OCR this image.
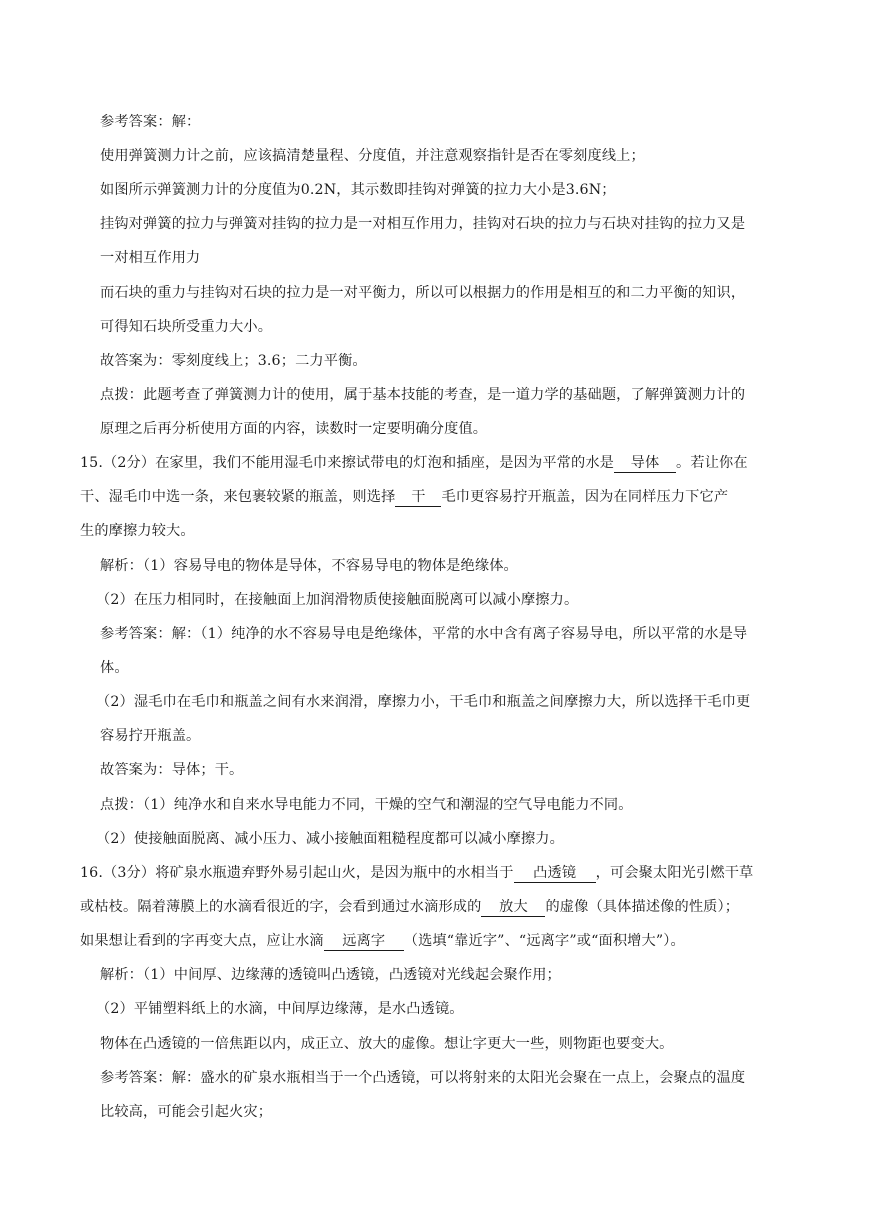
参考答案：解：
使用弹簧测力计之前，应该搞清楚量程、分度值，并注意观察指针是否在零刻度线上；
如图所示弹簧测力计的分度值为0.2N，其示数即挂钩对弹簧的拉力大小是3.6N；
挂钩对弹簧的拉力与弹簧对挂钩的拉力是一对相互作用力，挂钩对石块的拉力与石块对挂钩的拉力又是
一对相互作用力
而石块的重力与挂钩对石块的拉力是一对平衡力，所以可以根据力的作用是相互的和二力平衡的知识，
可得知石块所受重力大小。
故答案为：零刻度线上；3.6；二力平衡。
点拨：此题考查了弹簧测力计的使用，属于基本技能的考查，是一道力学的基础题，了解弹簧测力计的
原理之后再分析使用方面的内容，读数时一定要明确分度值。
15.（2分）在家里，我们不能用湿毛巾来擦试带电的灯泡和插座，是因为平常的水是 导体 。若让你在
干、湿毛巾中选一条，来包裹较紧的瓶盖，则选择 干 毛巾更容易拧开瓶盖，因为在同样压力下它产
生的摩擦力较大。
解析：（1）容易导电的物体是导体，不容易导电的物体是绝缘体。
（2）在压力相同时，在接触面上加润滑物质使接触面脱离可以减小摩擦力。
参考答案：解：（1）纯净的水不容易导电是绝缘体，平常的水中含有离子容易导电，所以平常的水是导
体。
（2）湿毛巾在毛巾和瓶盖之间有水来润滑，摩擦力小，干毛巾和瓶盖之间摩擦力大，所以选择干毛巾更
容易拧开瓶盖。
故答案为：导体；干。
点拨：（1）纯净水和自来水导电能力不同，干燥的空气和潮湿的空气导电能力不同。
（2）使接触面脱离、减小压力、减小接触面粗糙程度都可以减小摩擦力。
16.（3分）将矿泉水瓶遗弃野外易引起山火，是因为瓶中的水相当于 凸透镜 ，可会聚太阳光引燃干草
或枯枝。隔着薄膜上的水滴看很近的字，会看到通过水滴形成的 放大 的虚像（具体描述像的性质）；
如果想让看到的字再变大点，应让水滴 远离字 （选填“靠近字”、“远离字”或“面积增大”）。
解析：（1）中间厚、边缘薄的透镜叫凸透镜，凸透镜对光线起会聚作用；
（2）平铺塑料纸上的水滴，中间厚边缘薄，是水凸透镜。
物体在凸透镜的一倍焦距以内，成正立、放大的虚像。想让字更大一些，则物距也要变大。
参考答案：解：盛水的矿泉水瓶相当于一个凸透镜，可以将射来的太阳光会聚在一点上，会聚点的温度
比较高，可能会引起火灾；
